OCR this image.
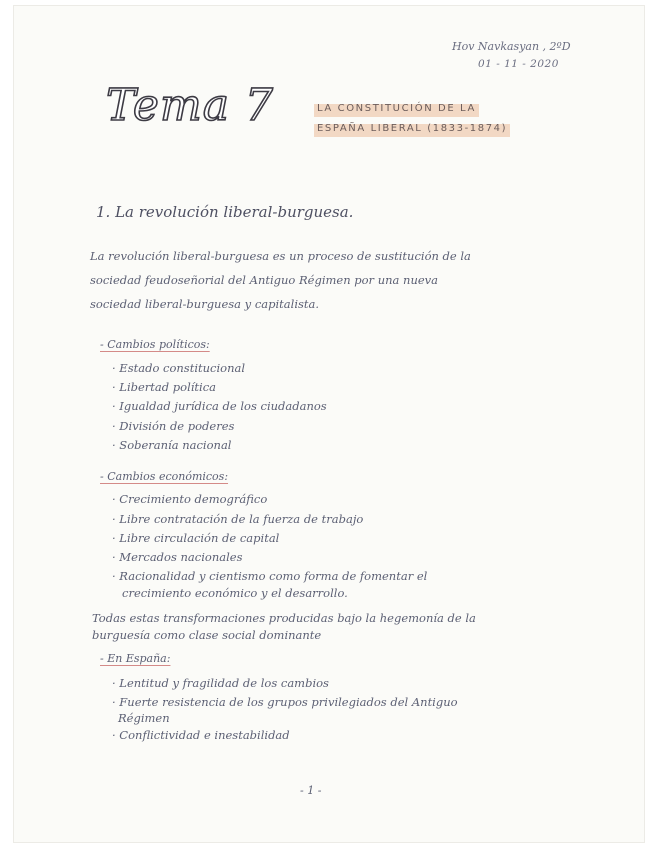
Hov Navkasyan , 2ºD
01 - 11 - 2020
Tema 7	LA CONSTITUCIÓN DE LA
ESPAÑA LIBERAL (1833-1874)
1. La revolución liberal-burguesa.
La revolución liberal-burguesa es un proceso de sustitución de la
sociedad feudoseñorial del Antiguo Régimen por una nueva
sociedad liberal-burguesa y capitalista.
- Cambios políticos:
· Estado constitucional
· Libertad política
· Igualdad jurídica de los ciudadanos
· División de poderes
· Soberanía nacional
- Cambios económicos:
· Crecimiento demográfico
· Libre contratación de la fuerza de trabajo
· Libre circulación de capital
· Mercados nacionales
· Racionalidad y cientismo como forma de fomentar el
crecimiento económico y el desarrollo.
Todas estas transformaciones producidas bajo la hegemonía de la
burguesía como clase social dominante
- En España:
· Lentitud y fragilidad de los cambios
· Fuerte resistencia de los grupos privilegiados del Antiguo
Régimen
· Conflictividad e inestabilidad
- 1 -
